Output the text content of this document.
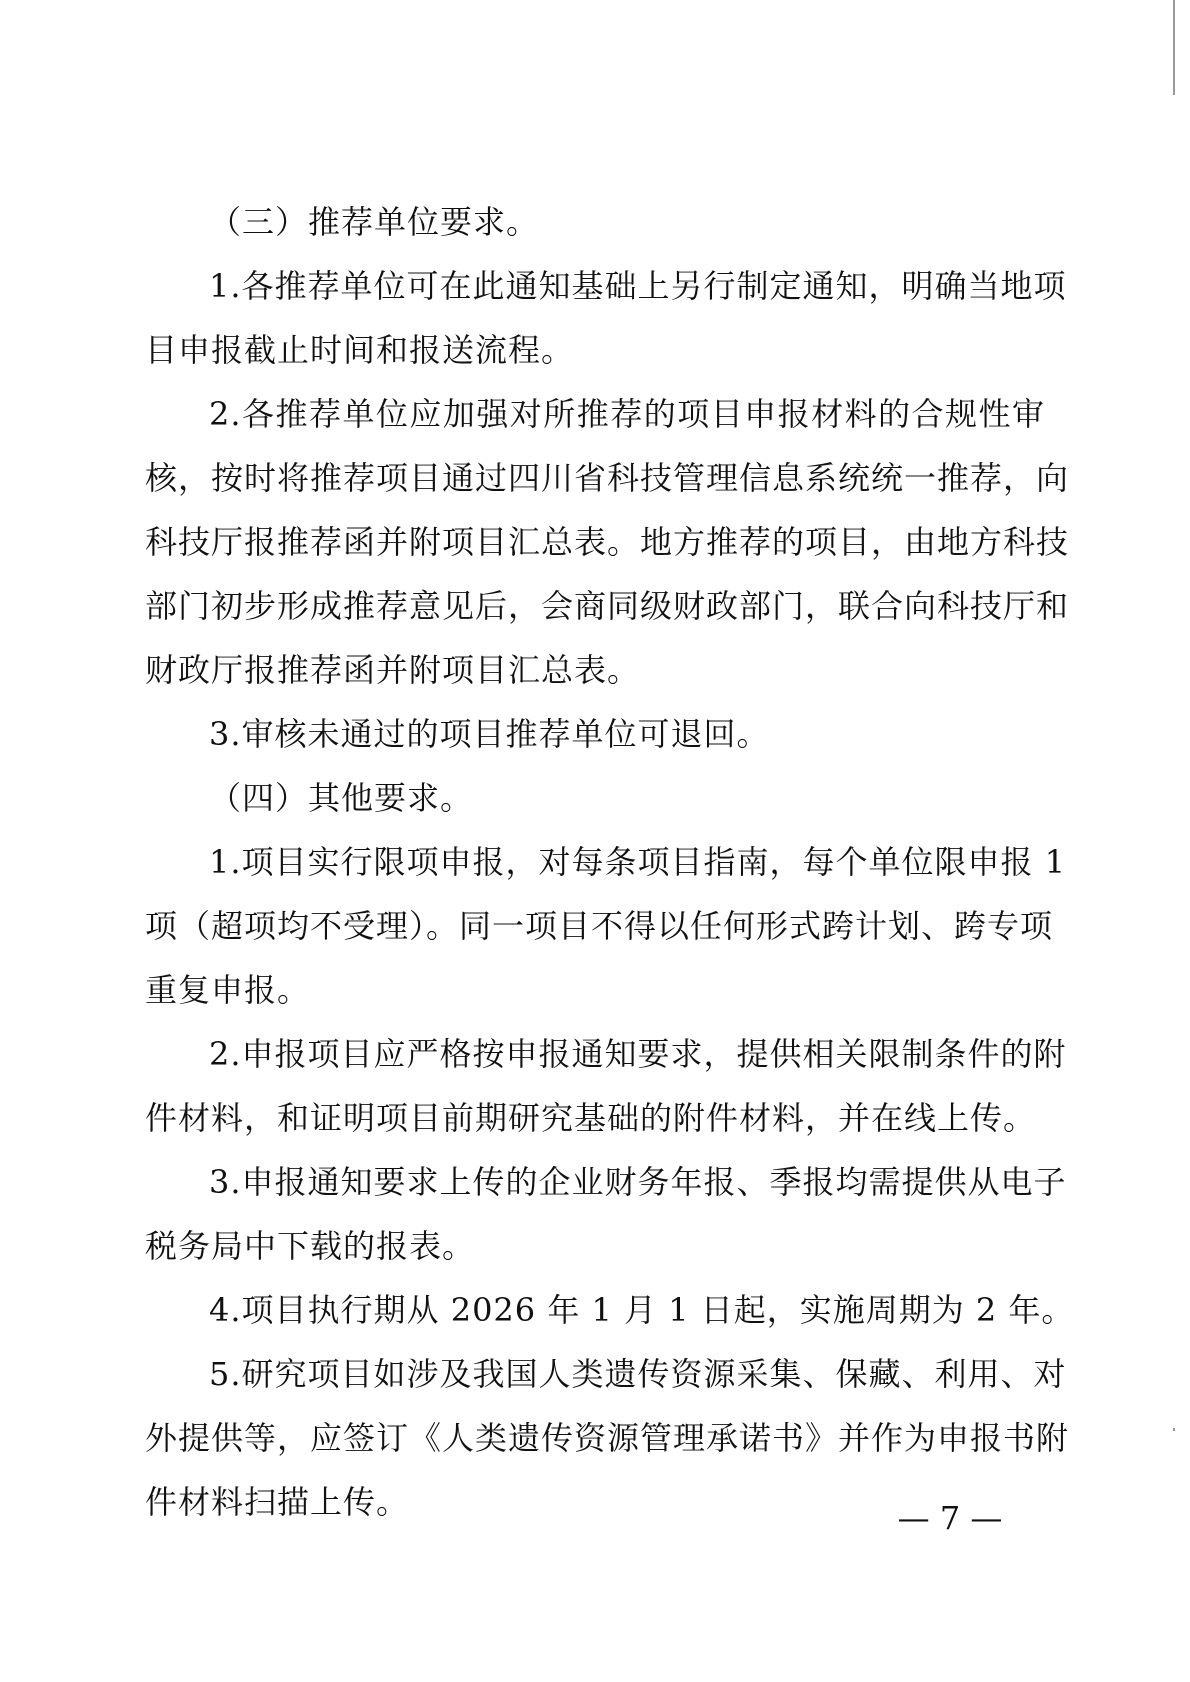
（三）推荐单位要求。
1.各推荐单位可在此通知基础上另行制定通知，明确当地项
目申报截止时间和报送流程。
2.各推荐单位应加强对所推荐的项目申报材料的合规性审
核，按时将推荐项目通过四川省科技管理信息系统统一推荐，向
科技厅报推荐函并附项目汇总表。地方推荐的项目，由地方科技
部门初步形成推荐意见后，会商同级财政部门，联合向科技厅和
财政厅报推荐函并附项目汇总表。
3.审核未通过的项目推荐单位可退回。
（四）其他要求。
1.项目实行限项申报，对每条项目指南，每个单位限申报 1
项（超项均不受理）。同一项目不得以任何形式跨计划、跨专项
重复申报。
2.申报项目应严格按申报通知要求，提供相关限制条件的附
件材料，和证明项目前期研究基础的附件材料，并在线上传。
3.申报通知要求上传的企业财务年报、季报均需提供从电子
税务局中下载的报表。
4.项目执行期从 2026 年 1 月 1 日起，实施周期为 2 年。
5.研究项目如涉及我国人类遗传资源采集、保藏、利用、对
外提供等，应签订《人类遗传资源管理承诺书》并作为申报书附
件材料扫描上传。	— 7 —
